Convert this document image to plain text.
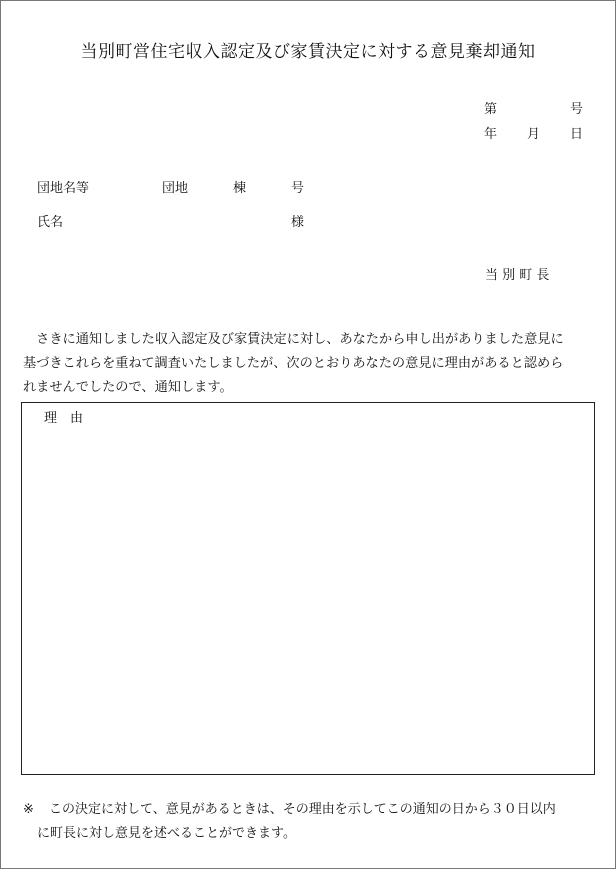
当別町営住宅収入認定及び家賃決定に対する意見棄却通知
第	号
年 月 日
団地名等	団地	棟	号
氏名	様
当 別 町 長
　さきに通知しました収入認定及び家賃決定に対し、あなたから申し出がありました意見に
基づきこれらを重ねて調査いたしましたが、次のとおりあなたの意見に理由があると認めら
れませんでしたので、通知します。
理由
※ この決定に対して、意見があるときは、その理由を示してこの通知の日から３０日以内
に町長に対し意見を述べることができます。
